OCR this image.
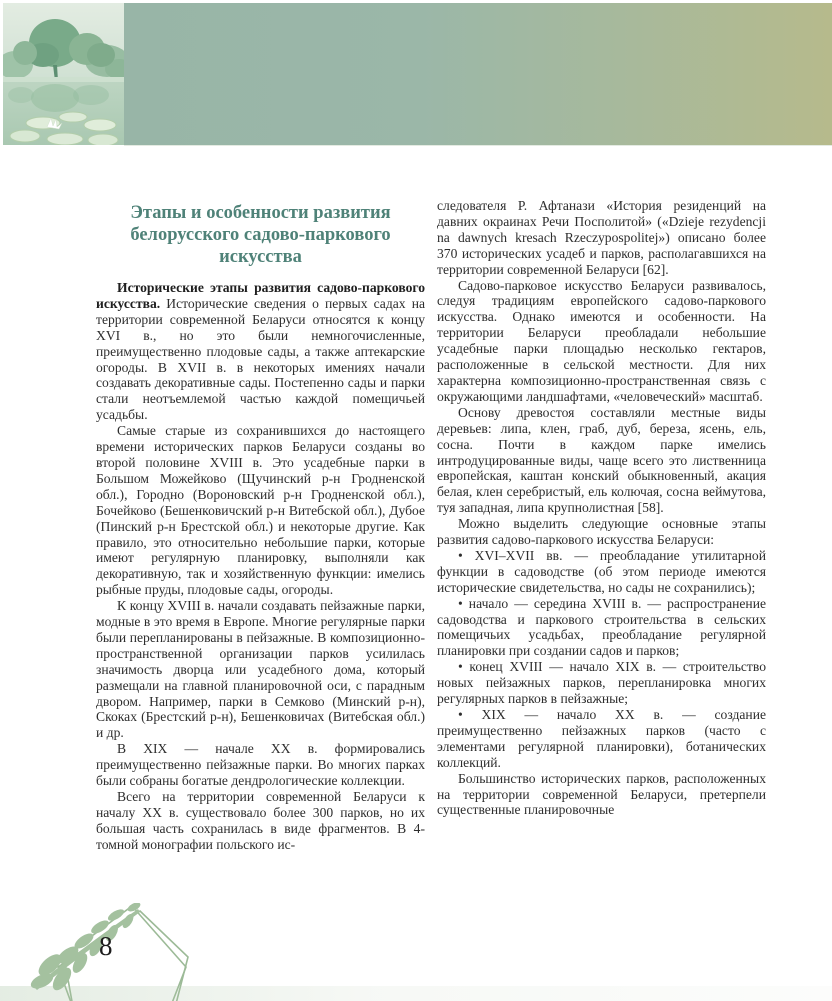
Этапы и особенности развития белорусского садово-паркового искусства

Исторические этапы развития садово-паркового искусства. Исторические сведения о первых садах на территории современной Беларуси относятся к концу XVI в., но это были немногочисленные, преимущественно плодовые сады, а также аптекарские огороды. В XVII в. в некоторых имениях начали создавать декоративные сады. Постепенно сады и парки стали неотъемлемой частью каждой помещичьей усадьбы.

Самые старые из сохранившихся до настоящего времени исторических парков Беларуси созданы во второй половине XVIII в. Это усадебные парки в Большом Можейково (Щучинский р-н Гродненской обл.), Городно (Вороновский р-н Гродненской обл.), Бочейково (Бешенковичский р-н Витебской обл.), Дубое (Пинский р-н Брестской обл.) и некоторые другие. Как правило, это относительно небольшие парки, которые имеют регулярную планировку, выполняли как декоративную, так и хозяйственную функции: имелись рыбные пруды, плодовые сады, огороды.

К концу XVIII в. начали создавать пейзажные парки, модные в это время в Европе. Многие регулярные парки были перепланированы в пейзажные. В композиционно-пространственной организации парков усилилась значимость дворца или усадебного дома, который размещали на главной планировочной оси, с парадным двором. Например, парки в Семково (Минский р-н), Скоках (Брестский р-н), Бешенковичах (Витебская обл.) и др.

В XIX — начале XX в. формировались преимущественно пейзажные парки. Во многих парках были собраны богатые дендрологические коллекции.

Всего на территории современной Беларуси к началу XX в. существовало более 300 парков, но их большая часть сохранилась в виде фрагментов. В 4-томной монографии польского ис-

следователя Р. Афтанази «История резиденций на давних окраинах Речи Посполитой» («Dzieje rezydencji na dawnych kresach Rzeczypospolitej») описано более 370 исторических усадеб и парков, располагавшихся на территории современной Беларуси [62].

Садово-парковое искусство Беларуси развивалось, следуя традициям европейского садово-паркового искусства. Однако имеются и особенности. На территории Беларуси преобладали небольшие усадебные парки площадью несколько гектаров, расположенные в сельской местности. Для них характерна композиционно-пространственная связь с окружающими ландшафтами, «человеческий» масштаб.

Основу древостоя составляли местные виды деревьев: липа, клен, граб, дуб, береза, ясень, ель, сосна. Почти в каждом парке имелись интродуцированные виды, чаще всего это лиственница европейская, каштан конский обыкновенный, акация белая, клен серебристый, ель колючая, сосна веймутова, туя западная, липа крупнолистная [58].

Можно выделить следующие основные этапы развития садово-паркового искусства Беларуси:

• XVI–XVII вв. — преобладание утилитарной функции в садоводстве (об этом периоде имеются исторические свидетельства, но сады не сохранились);

• начало — середина XVIII в. — распространение садоводства и паркового строительства в сельских помещичьих усадьбах, преобладание регулярной планировки при создании садов и парков;

• конец XVIII — начало XIX в. — строительство новых пейзажных парков, перепланировка многих регулярных парков в пейзажные;

• XIX — начало XX в. — создание преимущественно пейзажных парков (часто с элементами регулярной планировки), ботанических коллекций.

Большинство исторических парков, расположенных на территории современной Беларуси, претерпели существенные планировочные

8
